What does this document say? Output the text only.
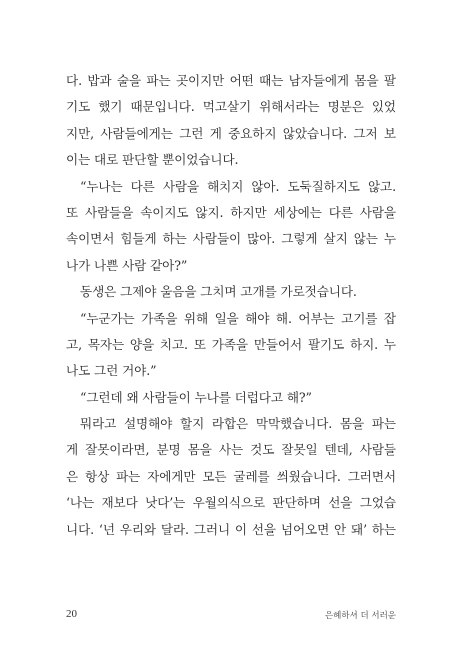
다. 밥과 술을 파는 곳이지만 어떤 때는 남자들에게 몸을 팔
기도 했기 때문입니다. 먹고살기 위해서라는 명분은 있었
지만, 사람들에게는 그런 게 중요하지 않았습니다. 그저 보
이는 대로 판단할 뿐이었습니다.
“누나는 다른 사람을 해치지 않아. 도둑질하지도 않고.
또 사람들을 속이지도 않지. 하지만 세상에는 다른 사람을
속이면서 힘들게 하는 사람들이 많아. 그렇게 살지 않는 누
나가 나쁜 사람 같아?”
동생은 그제야 울음을 그치며 고개를 가로젓습니다.
“누군가는 가족을 위해 일을 해야 해. 어부는 고기를 잡
고, 목자는 양을 치고. 또 가족을 만들어서 팔기도 하지. 누
나도 그런 거야.”
“그런데 왜 사람들이 누나를 더럽다고 해?”
뭐라고 설명해야 할지 라합은 막막했습니다. 몸을 파는
게 잘못이라면, 분명 몸을 사는 것도 잘못일 텐데, 사람들
은 항상 파는 자에게만 모든 굴레를 씌웠습니다. 그러면서
‘나는 재보다 낫다’는 우월의식으로 판단하며 선을 그었습
니다. ‘넌 우리와 달라. 그러니 이 선을 넘어오면 안 돼’ 하는
20	은혜하셔 더 서러운
